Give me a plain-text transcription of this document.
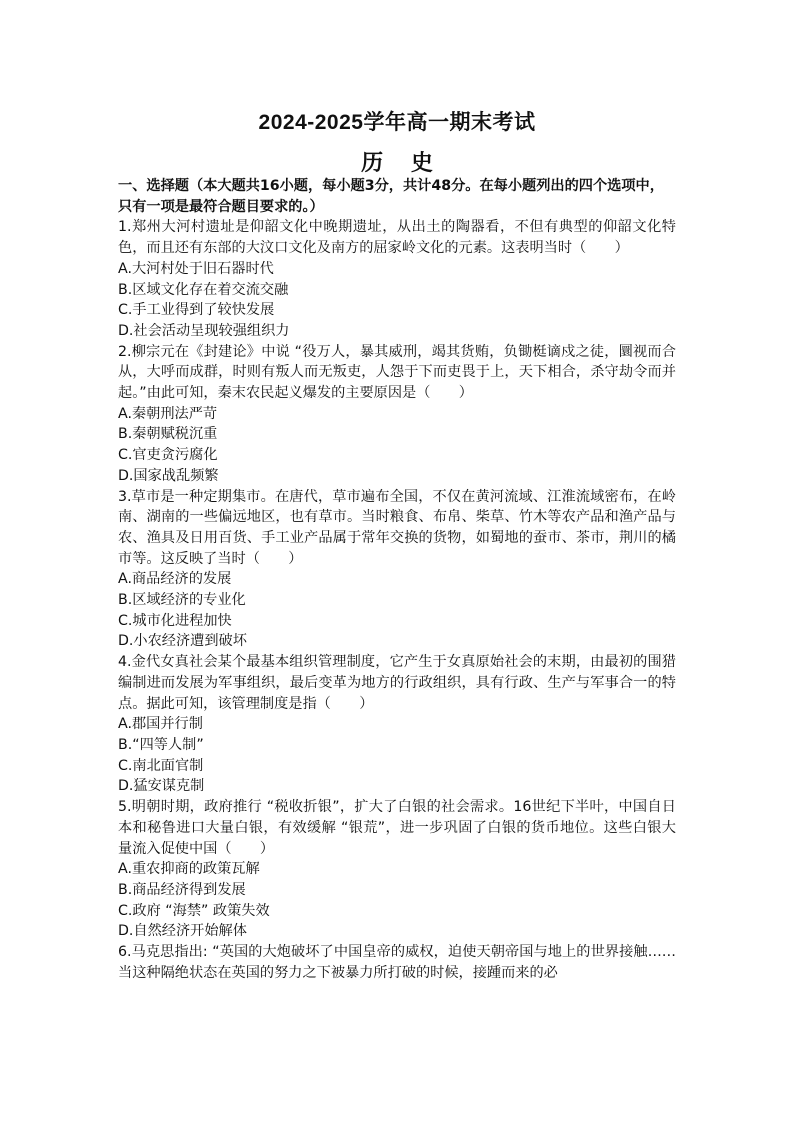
2024-2025学年高一期末考试
历 史

一、选择题（本大题共16小题，每小题3分，共计48分。在每小题列出的四个选项中，只有一项是最符合题目要求的。）

1.郑州大河村遗址是仰韶文化中晚期遗址，从出土的陶器看，不但有典型的仰韶文化特色，而且还有东部的大汶口文化及南方的屈家岭文化的元素。这表明当时（　　）

A.大河村处于旧石器时代

B.区域文化存在着交流交融

C.手工业得到了较快发展

D.社会活动呈现较强组织力

2.柳宗元在《封建论》中说 “役万人，暴其威刑，竭其货贿，负锄梃谪戍之徒，圜视而合从，大呼而成群，时则有叛人而无叛吏，人怨于下而吏畏于上，天下相合，杀守劫令而并起。”由此可知，秦末农民起义爆发的主要原因是（　　）

A.秦朝刑法严苛

B.秦朝赋税沉重

C.官吏贪污腐化

D.国家战乱频繁

3.草市是一种定期集市。在唐代，草市遍布全国，不仅在黄河流域、江淮流域密布，在岭南、湖南的一些偏远地区，也有草市。当时粮食、布帛、柴草、竹木等农产品和渔产品与农、渔具及日用百货、手工业产品属于常年交换的货物，如蜀地的蚕市、茶市，荆川的橘市等。这反映了当时（　　）

A.商品经济的发展

B.区域经济的专业化

C.城市化进程加快

D.小农经济遭到破坏

4.金代女真社会某个最基本组织管理制度，它产生于女真原始社会的末期，由最初的围猎编制进而发展为军事组织，最后变革为地方的行政组织，具有行政、生产与军事合一的特点。据此可知，该管理制度是指（　　）

A.郡国并行制

B.“四等人制”

C.南北面官制

D.猛安谋克制

5.明朝时期，政府推行 “税收折银”，扩大了白银的社会需求。16世纪下半叶，中国自日本和秘鲁进口大量白银，有效缓解 “银荒”，进一步巩固了白银的货币地位。这些白银大量流入促使中国（　　）

A.重农抑商的政策瓦解

B.商品经济得到发展

C.政府 “海禁” 政策失效

D.自然经济开始解体

6.马克思指出: “英国的大炮破坏了中国皇帝的威权，迫使天朝帝国与地上的世界接触……当这种隔绝状态在英国的努力之下被暴力所打破的时候，接踵而来的必
